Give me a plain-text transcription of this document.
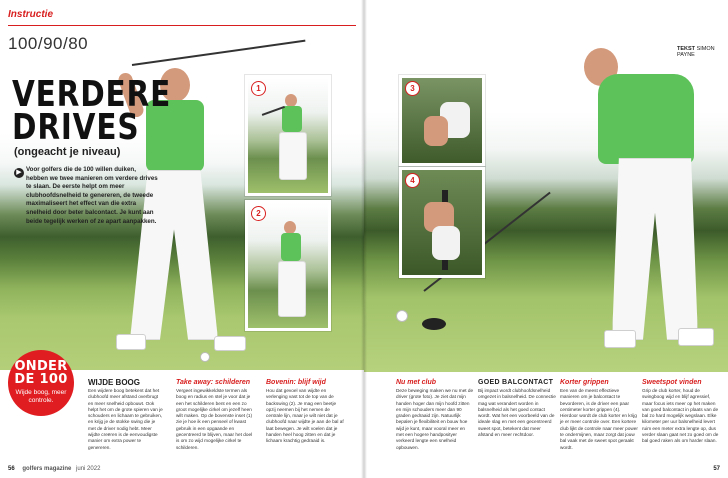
Instructie
100/90/80
VERDERE
DRIVES
(ongeacht je niveau)
▶ Voor golfers die de 100 willen duiken, hebben we twee manieren om verdere drives te slaan. De eerste helpt om meer clubhoofdsnelheid te genereren, de tweede maximaliseert het effect van die extra snelheid door beter balcontact. Je kunt aan beide tegelijk werken of ze apart aanpakken.
1
2
ONDER
DE 100
Wijde boog, meer controle.
WIJDE BOOG
Een wijdere boog betekent dat het clubhoofd meer afstand overbrugt en meer snelheid opbouwt. Ook helpt het om de grote spieren van je schouders en lichaam te gebruiken, en krijg je de stokke swing die je met de driver nodig hebt. Meer wijdte creëren is de eenvoudigste manier om extra power te genereren.
Take away: schilderen
Vergeet ingewikkeldste termen als boog en radius en stel je voor dat je een het schilderen bent en een zo groot mogelijke cirkel om jezelf heen wilt maken. Op de bovenste inset (1) zie je hoe ik een penseel of kwast gebruik in een opgaande en gecentreerd te blijven, maar het doel is om zo wijd mogelijke cirkel te schilderen.
Bovenin: blijf wijd
Hou dat gevoel van wijdte en verlenging vast tot de top van de backswing (2). Je mag een beetje opzij neemen bij het nemen de centrale lijn, maar je wilt niet dat je clubhoofd naar wijdte je aan de bal af laat bewegen. Je wilt voelen dat je handen heel hoog zitten en dat je lichaam krachtig gedraaid is.
56 golfers magazine juni 2022
TEKST SIMON PAYNE
3
4
Nu met club
Deze beweging maken we nu met de driver (grote foto). Je ziet dat mijn handen hoger dan mijn hoofd zitten en mijn schouders meer dan 90 graden gedraaid zijn. Natuurlijk bepalen je flexibiliteit en bouw hoe wijd je kunt, maar vooral meer en met een hogere handposityer verkeerd lengte een snelheid opbouwen.
GOED BALCONTACT
Bij impact wordt clubhoofdsnelheid omgezet in balsnelheid. De connectie mag wat verandert worden in balsnelheid als het goed contact wordt. Wat het een voorbeeld van de ideale slag en met een gecentreerd sweet spot, betekent dat meer afstand en meer rechtdoor.
Korter grippen
Een van de meest effectieve manieren om je balcontact te bevorderen, is de driver een paar centimeter korter grippen (4). Hierdoor wordt de club korter en krijg je er meer controle over. Een kortere club lijkt de controle naar meer power te ondermijnen, maar zorgt dat jouw bal vaak met de sweet spot geraakt wordt.
Sweetspot vinden
Grip de club korter, houd de swingboog wijd en blijf agressief, maar focus iets meer op het maken van goed balcontact in plaats van de bal zo hard mogelijk wegslaan. Elke kilometer per uur balsnelheid levert ruim een meter extra lengte op, dus verder slaan gaat net zo goed om de bal goed raken als om harder slaan.
57
